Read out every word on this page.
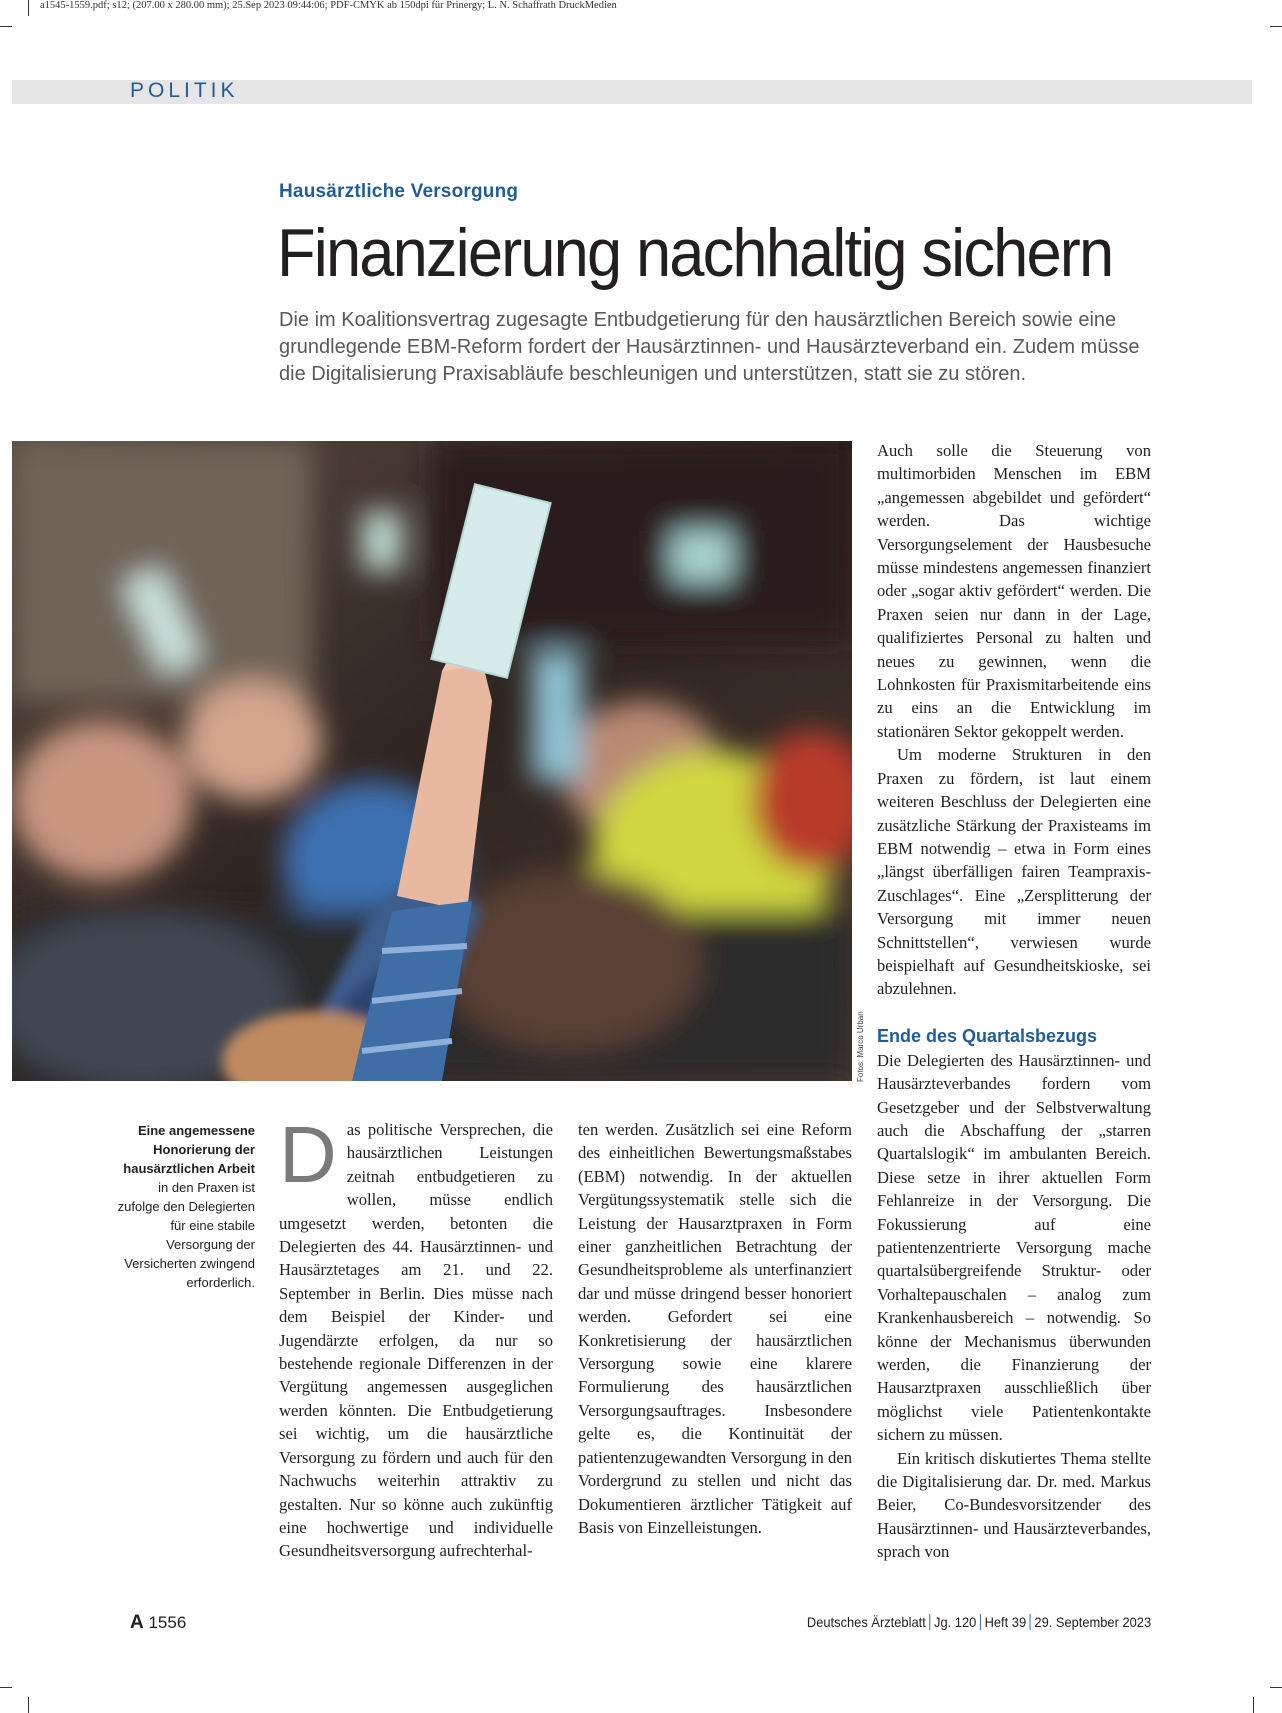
a1545-1559.pdf; s12; (207.00 x 280.00 mm); 25.Sep 2023 09:44:06; PDF-CMYK ab 150dpi für Prinergy; L. N. Schaffrath DruckMedien
POLITIK
Hausärztliche Versorgung
Finanzierung nachhaltig sichern
Die im Koalitionsvertrag zugesagte Entbudgetierung für den hausärztlichen Bereich sowie eine grundlegende EBM-Reform fordert der Hausärztinnen- und Hausärzteverband ein. Zudem müsse die Digitalisierung Praxisabläufe beschleunigen und unterstützen, statt sie zu stören.
Fotos: Marco Urban
Eine angemessene Honorierung der hausärztlichen Arbeit in den Praxen ist zufolge den Delegierten für eine stabile Versorgung der Versicherten zwingend erforderlich.
D as politische Versprechen, die hausärztlichen Leistungen zeitnah entbudgetieren zu wollen, müsse endlich umgesetzt werden, betonten die Delegierten des 44. Hausärztinnen- und Hausärztetages am 21. und 22. September in Berlin. Dies müsse nach dem Beispiel der Kinder- und Jugendärzte erfolgen, da nur so bestehende regionale Differenzen in der Vergütung angemessen ausgeglichen werden könnten. Die Entbudgetierung sei wichtig, um die hausärztliche Versorgung zu fördern und auch für den Nachwuchs weiterhin attraktiv zu gestalten. Nur so könne auch zukünftig eine hochwertige und individuelle Gesundheitsversorgung aufrechterhal-

ten werden. Zusätzlich sei eine Reform des einheitlichen Bewertungsmaßstabes (EBM) notwendig. In der aktuellen Vergütungssystematik stelle sich die Leistung der Hausarztpraxen in Form einer ganzheitlichen Betrachtung der Gesundheitsprobleme als unterfinanziert dar und müsse dringend besser honoriert werden. Gefordert sei eine Konkretisierung der hausärztlichen Versorgung sowie eine klarere Formulierung des hausärztlichen Versorgungsauftrages. Insbesondere gelte es, die Kontinuität der patientenzugewandten Versorgung in den Vordergrund zu stellen und nicht das Dokumentieren ärztlicher Tätigkeit auf Basis von Einzelleistungen.

Auch solle die Steuerung von multimorbiden Menschen im EBM „angemessen abgebildet und gefördert“ werden. Das wichtige Versorgungselement der Hausbesuche müsse mindestens angemessen finanziert oder „sogar aktiv gefördert“ werden. Die Praxen seien nur dann in der Lage, qualifiziertes Personal zu halten und neues zu gewinnen, wenn die Lohnkosten für Praxismitarbeitende eins zu eins an die Entwicklung im stationären Sektor gekoppelt werden.

Um moderne Strukturen in den Praxen zu fördern, ist laut einem weiteren Beschluss der Delegierten eine zusätzliche Stärkung der Praxisteams im EBM notwendig – etwa in Form eines „längst überfälligen fairen Teampraxis-Zuschlages“. Eine „Zersplitterung der Versorgung mit immer neuen Schnittstellen“, verwiesen wurde beispielhaft auf Gesundheitskioske, sei abzulehnen.

Ende des Quartalsbezugs

Die Delegierten des Hausärztinnen- und Hausärzteverbandes fordern vom Gesetzgeber und der Selbstverwaltung auch die Abschaffung der „starren Quartalslogik“ im ambulanten Bereich. Diese setze in ihrer aktuellen Form Fehlanreize in der Versorgung. Die Fokussierung auf eine patientenzentrierte Versorgung mache quartalsübergreifende Struktur- oder Vorhaltepauschalen – analog zum Krankenhausbereich – notwendig. So könne der Mechanismus überwunden werden, die Finanzierung der Hausarztpraxen ausschließlich über möglichst viele Patientenkontakte sichern zu müssen.

Ein kritisch diskutiertes Thema stellte die Digitalisierung dar. Dr. med. Markus Beier, Co-Bundesvorsitzender des Hausärztinnen- und Hausärzteverbandes, sprach von

A 1556	Deutsches Ärzteblatt Jg. 120 Heft 39 29. September 2023
